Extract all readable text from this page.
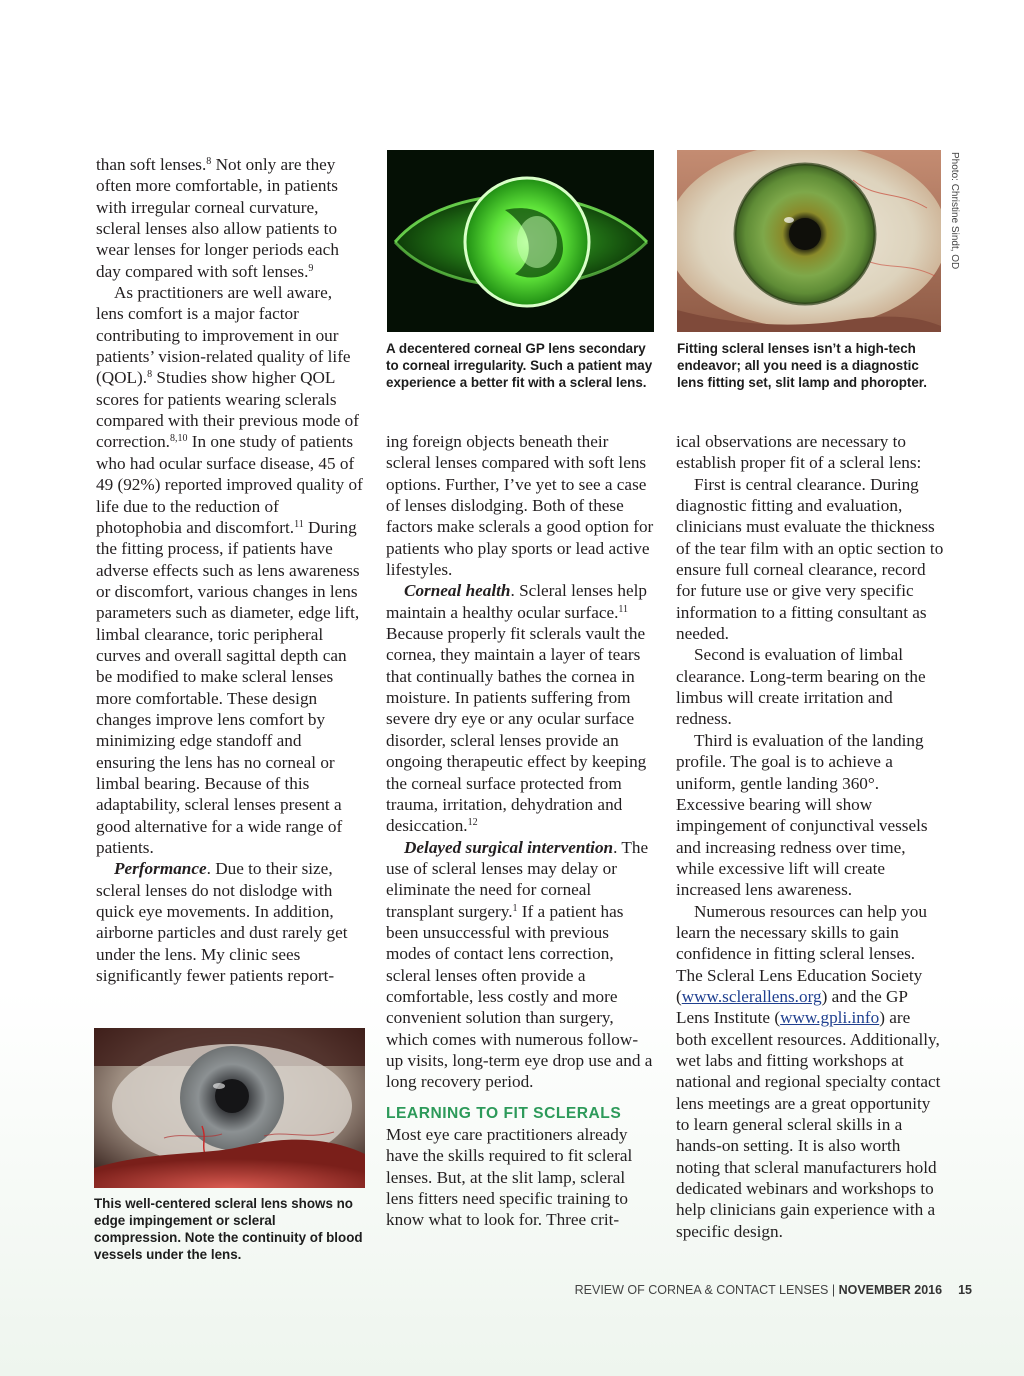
than soft lenses.$^8$ Not only are they often more comfortable, in patients with irregular corneal curvature, scleral lenses also allow patients to wear lenses for longer periods each day compared with soft lenses.$^9$

As practitioners are well aware, lens comfort is a major factor contributing to improvement in our patients’ vision-related quality of life (QOL).$^8$ Studies show higher QOL scores for patients wearing sclerals compared with their previous mode of correction.$^{8,10}$ In one study of patients who had ocular surface disease, 45 of 49 (92%) reported improved quality of life due to the reduction of photophobia and discomfort.$^{11}$ During the fitting process, if patients have adverse effects such as lens awareness or discomfort, various changes in lens parameters such as diameter, edge lift, limbal clearance, toric peripheral curves and overall sagittal depth can be modified to make scleral lenses more comfortable. These design changes improve lens comfort by minimizing edge standoff and ensuring the lens has no corneal or limbal bearing. Because of this adaptability, scleral lenses present a good alternative for a wide range of patients.

Performance. Due to their size, scleral lenses do not dislodge with quick eye movements. In addition, airborne particles and dust rarely get under the lens. My clinic sees significantly fewer patients report-

This well-centered scleral lens shows no edge impingement or scleral compression. Note the continuity of blood vessels under the lens.
A decentered corneal GP lens secondary to corneal irregularity. Such a patient may experience a better fit with a scleral lens.

ing foreign objects beneath their scleral lenses compared with soft lens options. Further, I’ve yet to see a case of lenses dislodging. Both of these factors make sclerals a good option for patients who play sports or lead active lifestyles.

Corneal health. Scleral lenses help maintain a healthy ocular surface.$^{11}$ Because properly fit sclerals vault the cornea, they maintain a layer of tears that continually bathes the cornea in moisture. In patients suffering from severe dry eye or any ocular surface disorder, scleral lenses provide an ongoing therapeutic effect by keeping the corneal surface protected from trauma, irritation, dehydration and desiccation.$^{12}$

Delayed surgical intervention. The use of scleral lenses may delay or eliminate the need for corneal transplant surgery.$^1$ If a patient has been unsuccessful with previous modes of contact lens correction, scleral lenses often provide a comfortable, less costly and more convenient solution than surgery, which comes with numerous follow-up visits, long-term eye drop use and a long recovery period.

LEARNING TO FIT SCLERALS

Most eye care practitioners already have the skills required to fit scleral lenses. But, at the slit lamp, scleral lens fitters need specific training to know what to look for. Three crit-

Photo: Christine Sindt, OD
Fitting scleral lenses isn’t a high-tech endeavor; all you need is a diagnostic lens fitting set, slit lamp and phoropter.

ical observations are necessary to establish proper fit of a scleral lens:

First is central clearance. During diagnostic fitting and evaluation, clinicians must evaluate the thickness of the tear film with an optic section to ensure full corneal clearance, record for future use or give very specific information to a fitting consultant as needed.

Second is evaluation of limbal clearance. Long-term bearing on the limbus will create irritation and redness.

Third is evaluation of the landing profile. The goal is to achieve a uniform, gentle landing 360°. Excessive bearing will show impingement of conjunctival vessels and increasing redness over time, while excessive lift will create increased lens awareness.

Numerous resources can help you learn the necessary skills to gain confidence in fitting scleral lenses. The Scleral Lens Education Society (www.sclerallens.org) and the GP Lens Institute (www.gpli.info) are both excellent resources. Additionally, wet labs and fitting workshops at national and regional specialty contact lens meetings are a great opportunity to learn general scleral skills in a hands-on setting. It is also worth noting that scleral manufacturers hold dedicated webinars and workshops to help clinicians gain experience with a specific design.

REVIEW OF CORNEA & CONTACT LENSES | NOVEMBER 2016 15
